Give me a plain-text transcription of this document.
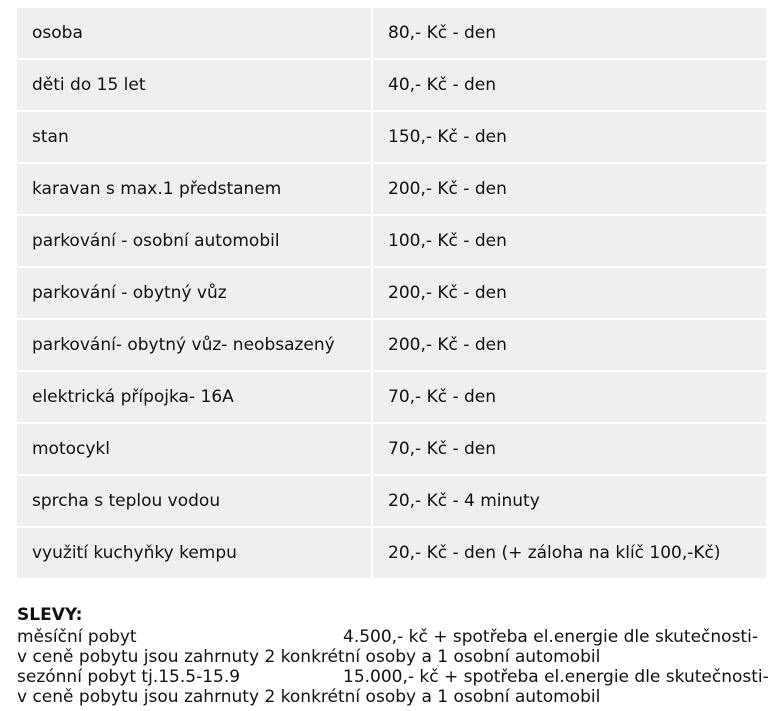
osoba	80,- Kč - den
děti do 15 let	40,- Kč - den
stan	150,- Kč - den
karavan s max.1 předstanem	200,- Kč - den
parkování - osobní automobil	100,- Kč - den
parkování - obytný vůz	200,- Kč - den
parkování- obytný vůz- neobsazený	200,- Kč - den
elektrická přípojka- 16A	70,- Kč - den
motocykl	70,- Kč - den
sprcha s teplou vodou	20,- Kč - 4 minuty
využití kuchyňky kempu	20,- Kč - den (+ záloha na klíč 100,-Kč)
SLEVY:
měsíční pobyt	4.500,- kč + spotřeba el.energie dle skutečnosti-
v ceně pobytu jsou zahrnuty 2 konkrétní osoby a 1 osobní automobil
sezónní pobyt tj.15.5-15.9	15.000,- kč + spotřeba el.energie dle skutečnosti-
v ceně pobytu jsou zahrnuty 2 konkrétní osoby a 1 osobní automobil
